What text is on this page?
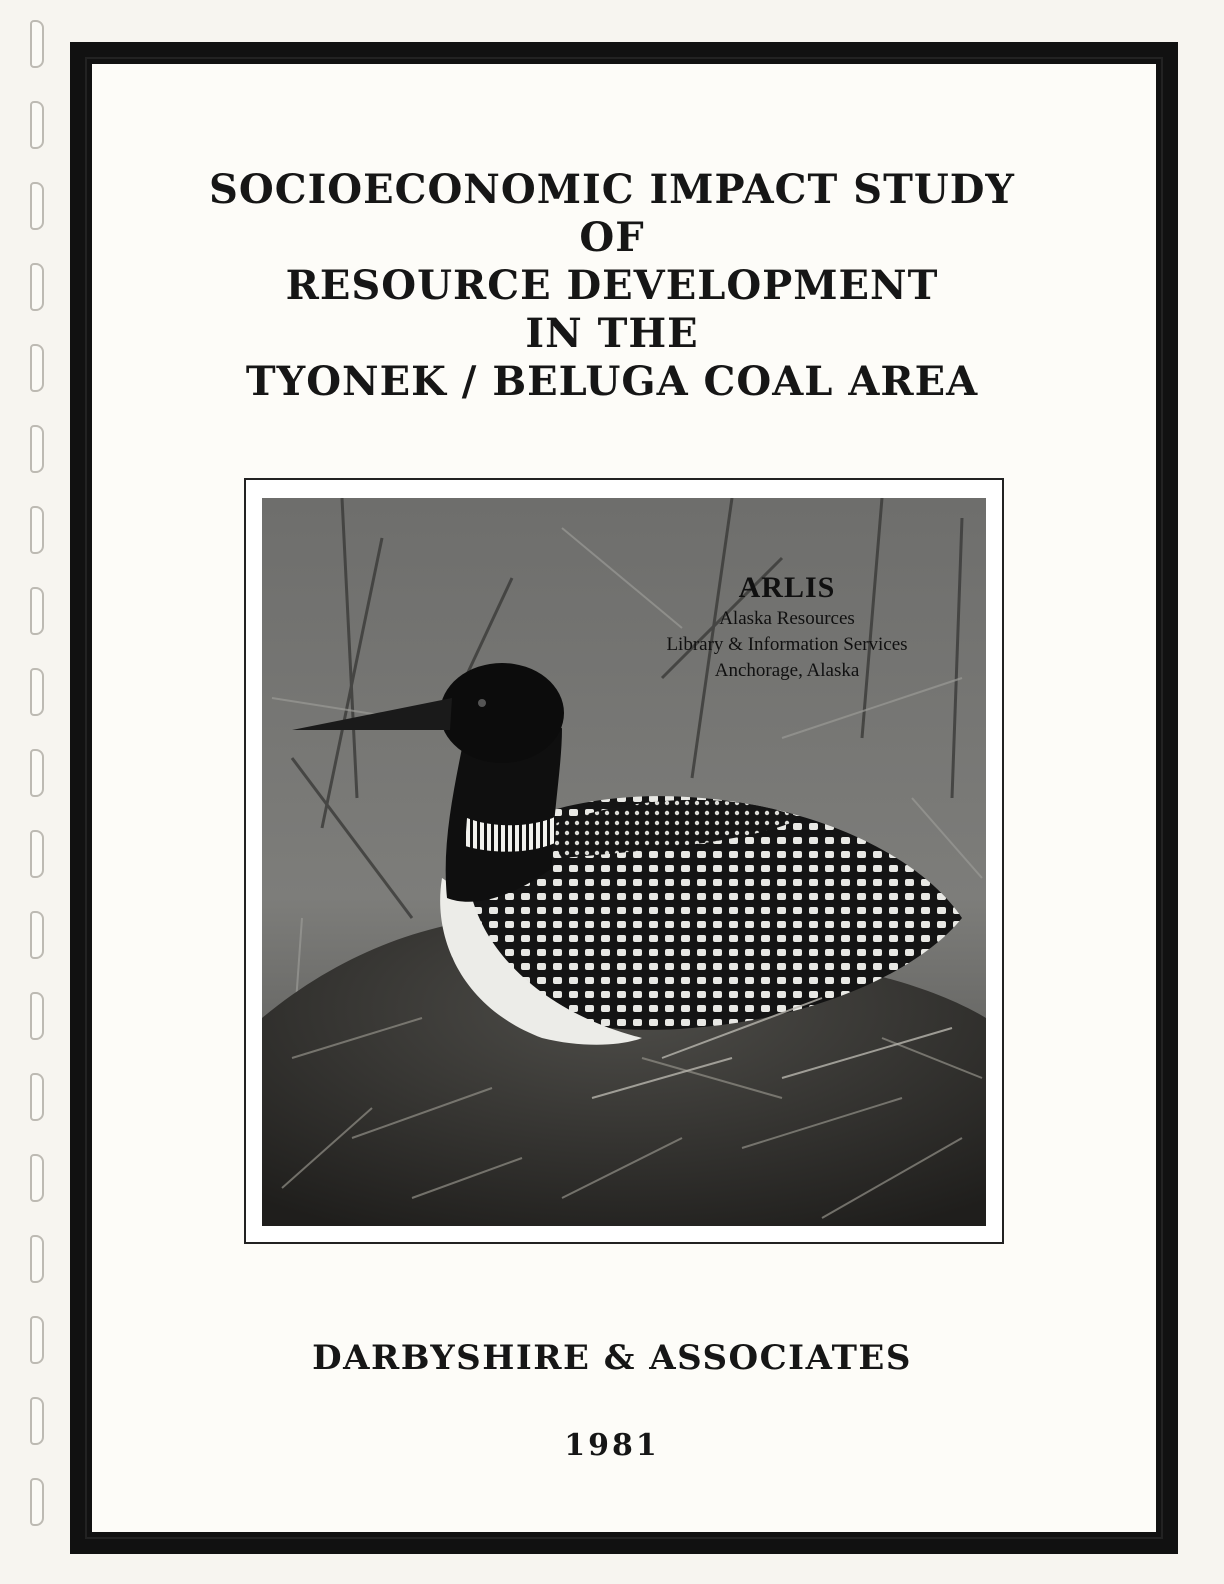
SOCIOECONOMIC IMPACT STUDY
OF
RESOURCE DEVELOPMENT
IN THE
TYONEK / BELUGA COAL AREA
ARLIS
Alaska Resources
Library & Information Services
Anchorage, Alaska
DARBYSHIRE & ASSOCIATES
1981
